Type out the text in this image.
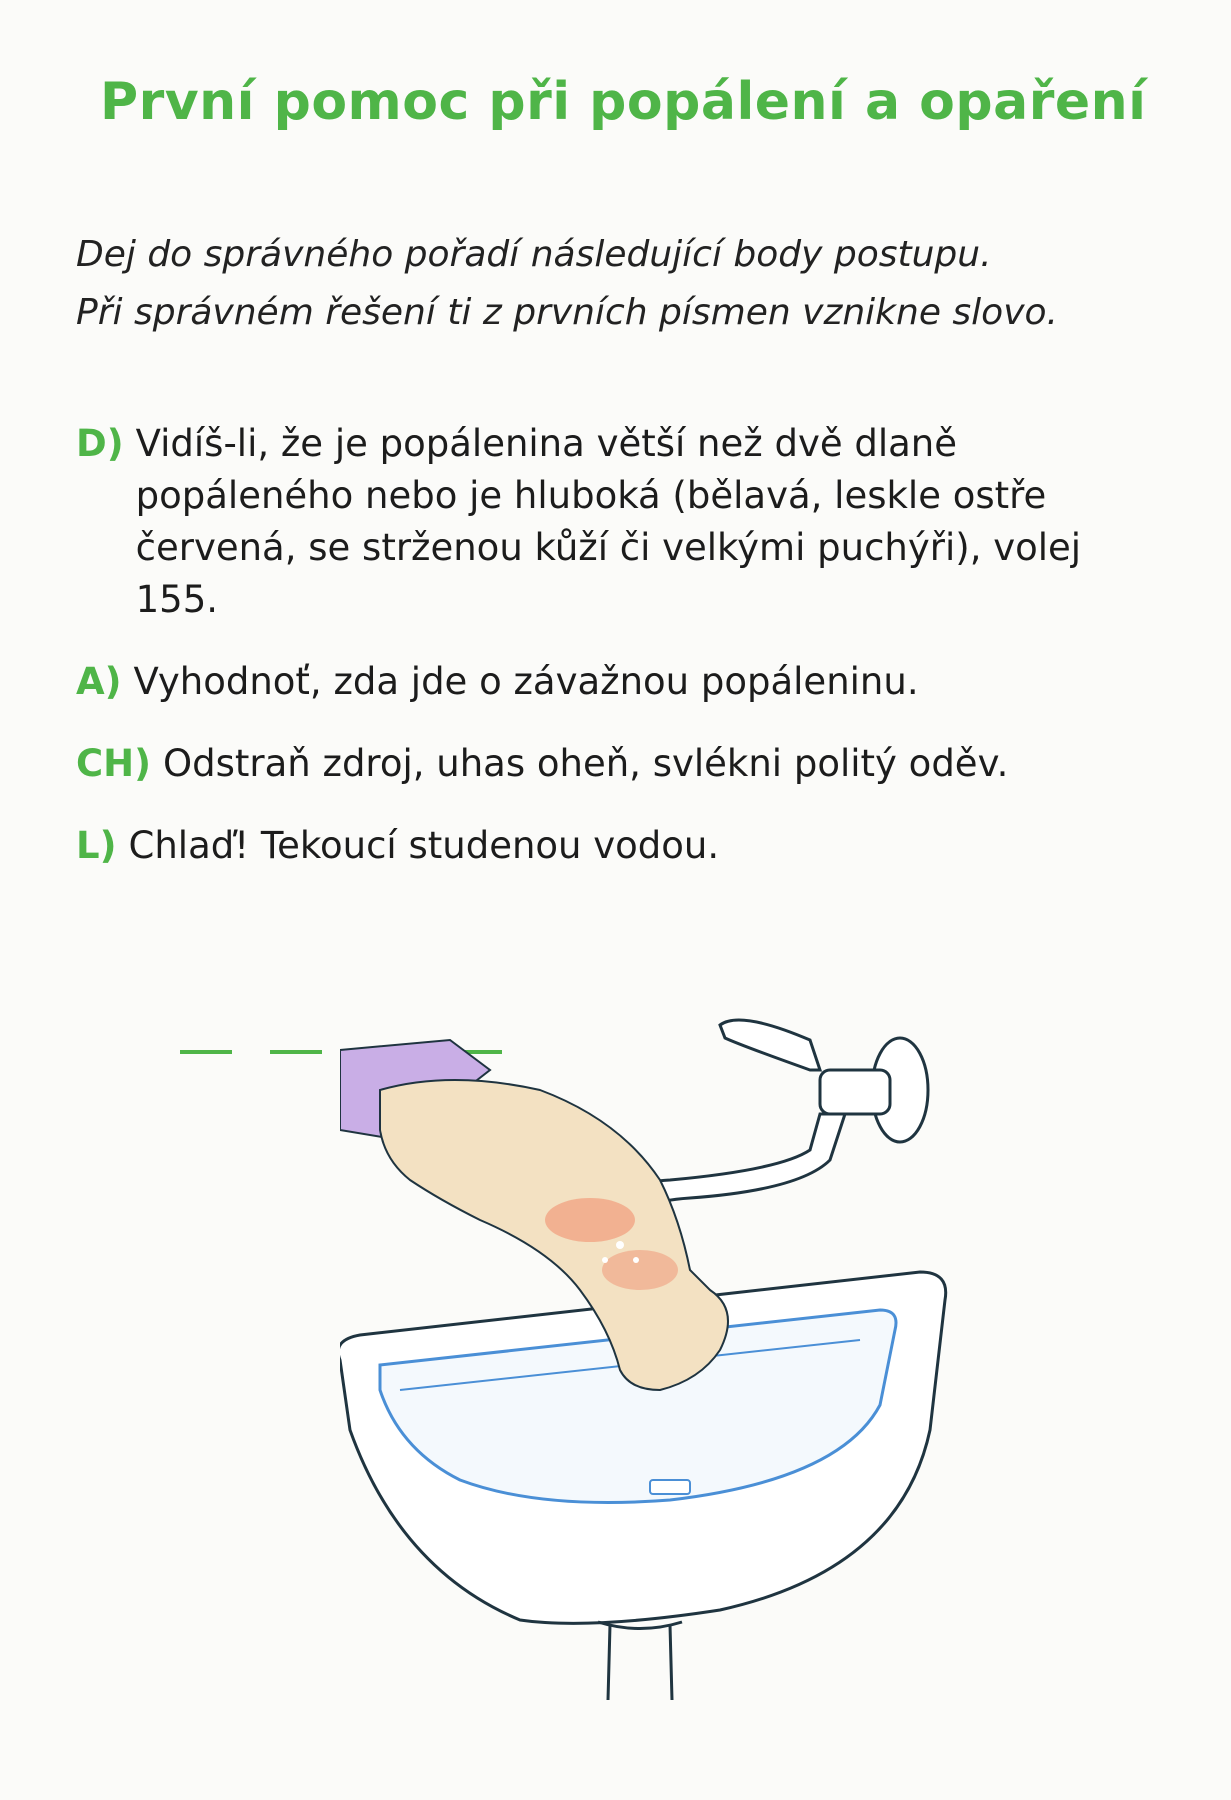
První pomoc při popálení a opaření
Dej do správného pořadí následující body postupu.
Při správném řešení ti z prvních písmen vznikne slovo.
D) Vidíš-li, že je popálenina větší než dvě dlaně popáleného nebo je hluboká (bělavá, leskle ostře červená, se strženou kůží či velkými puchýři), volej 155.
A) Vyhodnoť, zda jde o závažnou popáleninu.
CH) Odstraň zdroj, uhas oheň, svlékni politý oděv.
L) Chlaď! Tekoucí studenou vodou.
